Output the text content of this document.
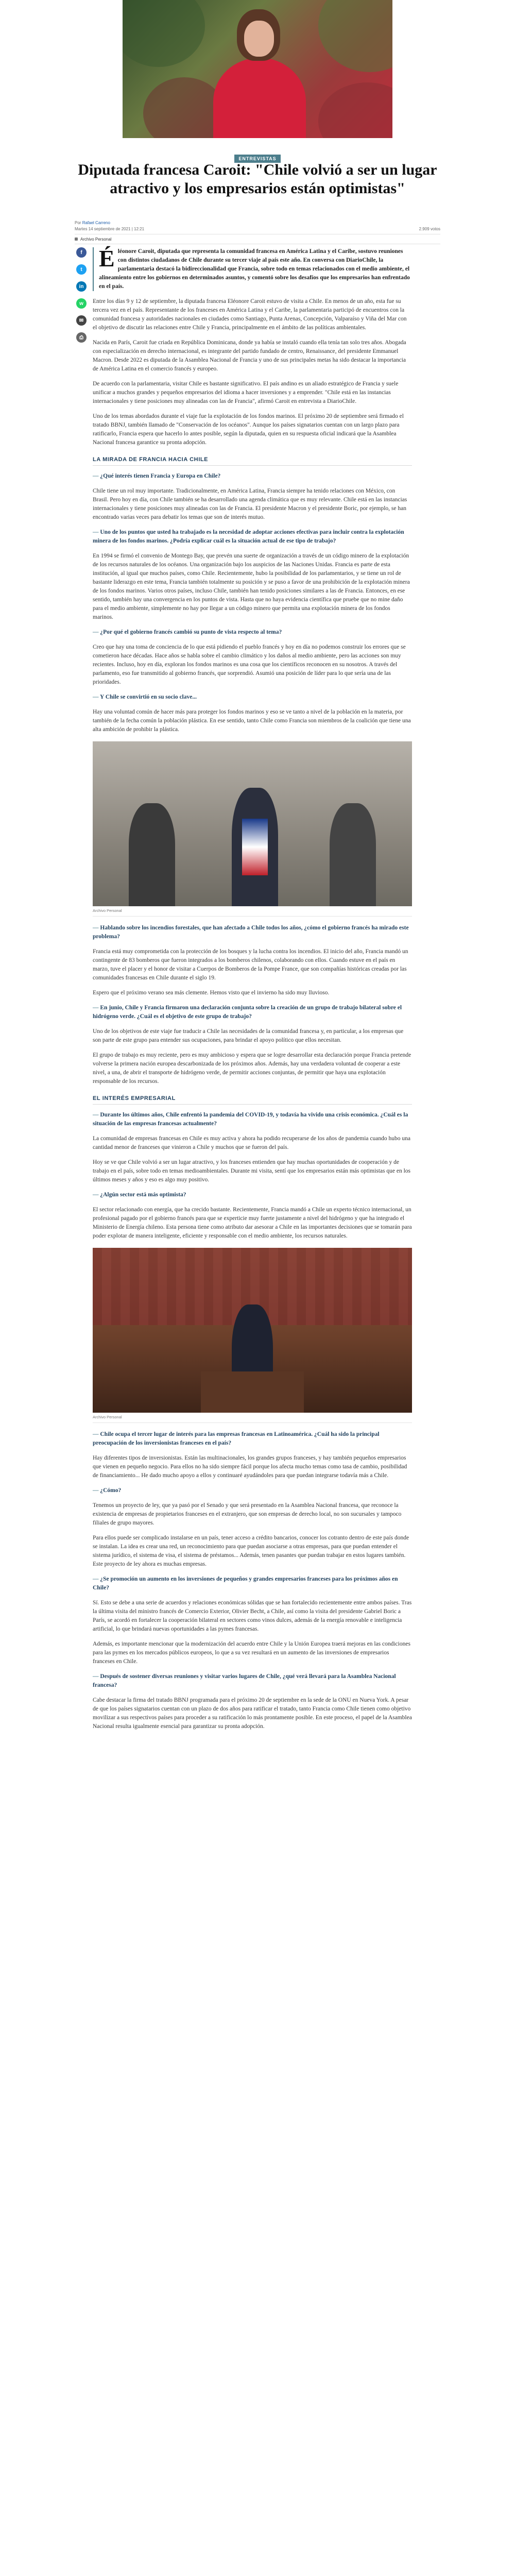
ENTREVISTAS
Diputada francesa Caroit: "Chile volvió a ser un lugar atractivo y los empresarios están optimistas"
Por Rafael Carreno
Martes 14 septiembre de 2021 | 12:21	2.909 votos
Archivo Personal
f
t
in
w
✉
⎙

Éléonore Caroit, diputada que representa la comunidad francesa en América Latina y el Caribe, sostuvo reuniones con distintos ciudadanos de Chile durante su tercer viaje al país este año. En conversa con DiarioChile, la parlamentaria destacó la bidireccionalidad que Francia, sobre todo en temas relacionados con el medio ambiente, el alineamiento entre los gobiernos en determinados asuntos, y comentó sobre los desafíos que los empresarios han enfrentado en el país.

Entre los días 9 y 12 de septiembre, la diputada francesa Eléonore Caroit estuvo de visita a Chile. En menos de un año, esta fue su tercera vez en el país. Representante de los franceses en América Latina y el Caribe, la parlamentaria participó de encuentros con la comunidad francesa y autoridades nacionales en ciudades como Santiago, Punta Arenas, Concepción, Valparaíso y Viña del Mar con el objetivo de discutir las relaciones entre Chile y Francia, principalmente en el ámbito de las políticas ambientales.

Nacida en París, Caroit fue criada en República Dominicana, donde ya había se instaló cuando ella tenía tan solo tres años. Abogada con especialización en derecho internacional, es integrante del partido fundado de centro, Renaissance, del presidente Emmanuel Macron. Desde 2022 es diputada de la Asamblea Nacional de Francia y uno de sus principales metas ha sido destacar la importancia de América Latina en el comercio francés y europeo.

De acuerdo con la parlamentaria, visitar Chile es bastante significativo. El país andino es un aliado estratégico de Francia y suele unificar a muchos grandes y pequeños empresarios del idioma a hacer inversiones y a emprender. "Chile está en las instancias internacionales y tiene posiciones muy alineadas con las de Francia", afirmó Caroit en entrevista a DiarioChile.

Uno de los temas abordados durante el viaje fue la explotación de los fondos marinos. El próximo 20 de septiembre será firmado el tratado BBNJ, también llamado de "Conservación de los océanos". Aunque los países signatarios cuentan con un largo plazo para ratificarlo, Francia espera que hacerlo lo antes posible, según la diputada, quien en su respuesta oficial indicará que la Asamblea Nacional francesa garantice su pronta adopción.

LA MIRADA DE FRANCIA HACIA CHILE

— ¿Qué interés tienen Francia y Europa en Chile?

Chile tiene un rol muy importante. Tradicionalmente, en América Latina, Francia siempre ha tenido relaciones con México, con Brasil. Pero hoy en día, con Chile también se ha desarrollado una agenda climática que es muy relevante. Chile está en las instancias internacionales y tiene posiciones muy alineadas con las de Francia. El presidente Macron y el presidente Boric, por ejemplo, se han encontrado varias veces para debatir los temas que son de interés mutuo.

— Uno de los puntos que usted ha trabajado es la necesidad de adoptar acciones efectivas para incluir contra la explotación minera de los fondos marinos. ¿Podría explicar cuál es la situación actual de ese tipo de trabajo?

En 1994 se firmó el convenio de Montego Bay, que prevén una suerte de organización a través de un código minero de la explotación de los recursos naturales de los océanos. Una organización bajo los auspicios de las Naciones Unidas. Francia es parte de esta institución, al igual que muchos países, como Chile. Recientemente, hubo la posibilidad de los parlamentarios, y se tiene un rol de bastante liderazgo en este tema, Francia también totalmente su posición y se puso a favor de una prohibición de la explotación minera de los fondos marinos. Varios otros países, incluso Chile, también han tenido posiciones similares a las de Francia. Entonces, en ese sentido, también hay una convergencia en los puntos de vista. Hasta que no haya evidencia científica que pruebe que no mine daño para el medio ambiente, simplemente no hay por llegar a un código minero que permita una explotación minera de los fondos marinos.

— ¿Por qué el gobierno francés cambió su punto de vista respecto al tema?

Creo que hay una toma de conciencia de lo que está pidiendo el pueblo francés y hoy en día no podemos construir los errores que se cometieron hace décadas. Hace años se habla sobre el cambio climático y los daños al medio ambiente, pero las acciones son muy recientes. Incluso, hoy en día, exploran los fondos marinos es una cosa que los científicos reconocen en su nosotros. A través del parlamento, eso fue transmitido al gobierno francés, que sorprendió. Asumió una posición de líder para lo que sería una de las prioridades.

— Y Chile se convirtió en su socio clave...

Hay una voluntad común de hacer más para proteger los fondos marinos y eso se ve tanto a nivel de la población en la materia, por también de la fecha común la población plástica. En ese sentido, tanto Chile como Francia son miembros de la coalición que tiene una alta ambición de prohibir la plástica.

Archivo Personal

— Hablando sobre los incendios forestales, que han afectado a Chile todos los años, ¿cómo el gobierno francés ha mirado este problema?

Francia está muy comprometida con la protección de los bosques y la lucha contra los incendios. El inicio del año, Francia mandó un contingente de 83 bomberos que fueron integrados a los bomberos chilenos, colaborando con ellos. Cuando estuve en el país en marzo, tuve el placer y el honor de visitar a Cuerpos de Bomberos de la Pompe France, que son compañías históricas creadas por las comunidades francesas en Chile durante el siglo 19.

Espero que el próximo verano sea más clemente. Hemos visto que el invierno ha sido muy lluvioso.

— En junio, Chile y Francia firmaron una declaración conjunta sobre la creación de un grupo de trabajo bilateral sobre el hidrógeno verde. ¿Cuál es el objetivo de este grupo de trabajo?

Uno de los objetivos de este viaje fue traducir a Chile las necesidades de la comunidad francesa y, en particular, a los empresas que son parte de este grupo para entender sus ocupaciones, para brindar el apoyo político que ellos necesitan.

El grupo de trabajo es muy reciente, pero es muy ambicioso y espera que se logre desarrollar esta declaración porque Francia pretende volverse la primera nación europea descarbonizada de los próximos años. Además, hay una verdadera voluntad de cooperar a este nivel, a una, de abrir el transporte de hidrógeno verde, de permitir acciones conjuntas, de permitir que haya una explotación responsable de los recursos.

EL INTERÉS EMPRESARIAL

— Durante los últimos años, Chile enfrentó la pandemia del COVID-19, y todavía ha vivido una crisis económica. ¿Cuál es la situación de las empresas francesas actualmente?

La comunidad de empresas francesas en Chile es muy activa y ahora ha podido recuperarse de los años de pandemia cuando hubo una cantidad menor de franceses que vinieron a Chile y muchos que se fueron del país.

Hoy se ve que Chile volvió a ser un lugar atractivo, y los franceses entienden que hay muchas oportunidades de cooperación y de trabajo en el país, sobre todo en temas medioambientales. Durante mi visita, sentí que los empresarios están más optimistas que en los últimos meses y años y eso es algo muy positivo.

— ¿Algún sector está más optimista?

El sector relacionado con energía, que ha crecido bastante. Recientemente, Francia mandó a Chile un experto técnico internacional, un profesional pagado por el gobierno francés para que se experticie muy fuerte justamente a nivel del hidrógeno y que ha integrado el Ministerio de Energía chileno. Esta persona tiene como atributo dar asesorar a Chile en las importantes decisiones que se tomarán para poder explotar de manera inteligente, eficiente y responsable con el medio ambiente, los recursos naturales.

Archivo Personal

— Chile ocupa el tercer lugar de interés para las empresas francesas en Latinoamérica. ¿Cuál ha sido la principal preocupación de los inversionistas franceses en el país?

Hay diferentes tipos de inversionistas. Están las multinacionales, los grandes grupos franceses, y hay también pequeños empresarios que vienen en pequeño negocio. Para ellos no ha sido siempre fácil porque los afecta mucho temas como tasa de cambio, posibilidad de financiamiento... He dado mucho apoyo a ellos y continuaré ayudándoles para que puedan integrarse todavía más a Chile.

— ¿Cómo?

Tenemos un proyecto de ley, que ya pasó por el Senado y que será presentado en la Asamblea Nacional francesa, que reconoce la existencia de empresas de propietarios franceses en el extranjero, que son empresas de derecho local, no son sucursales y tampoco filiales de grupo mayores.

Para ellos puede ser complicado instalarse en un país, tener acceso a crédito bancarios, conocer los cotranto dentro de este país donde se instalan. La idea es crear una red, un reconocimiento para que puedan asociarse a otras empresas, para que puedan entender el sistema jurídico, el sistema de visa, el sistema de préstamos... Además, tenen pasantes que puedan trabajar en estos lugares también. Este proyecto de ley ahora es muchas empresas.

— ¿Se promoción un aumento en los inversiones de pequeños y grandes empresarios franceses para los próximos años en Chile?

Sí. Esto se debe a una serie de acuerdos y relaciones económicas sólidas que se han fortalecido recientemente entre ambos países. Tras la última visita del ministro francés de Comercio Exterior, Olivier Becht, a Chile, así como la visita del presidente Gabriel Boric a París, se acordó en fortalecer la cooperación bilateral en sectores como vinos dulces, además de la energía renovable e inteligencia artificial, lo que brindará nuevas oportunidades a las pymes francesas.

Además, es importante mencionar que la modernización del acuerdo entre Chile y la Unión Europea traerá mejoras en las condiciones para las pymes en los mercados públicos europeos, lo que a su vez resultará en un aumento de las inversiones de empresarios franceses en Chile.

— Después de sostener diversas reuniones y visitar varios lugares de Chile, ¿qué verá llevará para la Asamblea Nacional francesa?

Cabe destacar la firma del tratado BBNJ programada para el próximo 20 de septiembre en la sede de la ONU en Nueva York. A pesar de que los países signatarios cuentan con un plazo de dos años para ratificar el tratado, tanto Francia como Chile tienen como objetivo movilizar a sus respectivos países para proceder a su ratificación lo más prontamente posible. En este proceso, el papel de la Asamblea Nacional resulta igualmente esencial para garantizar su pronta adopción.
